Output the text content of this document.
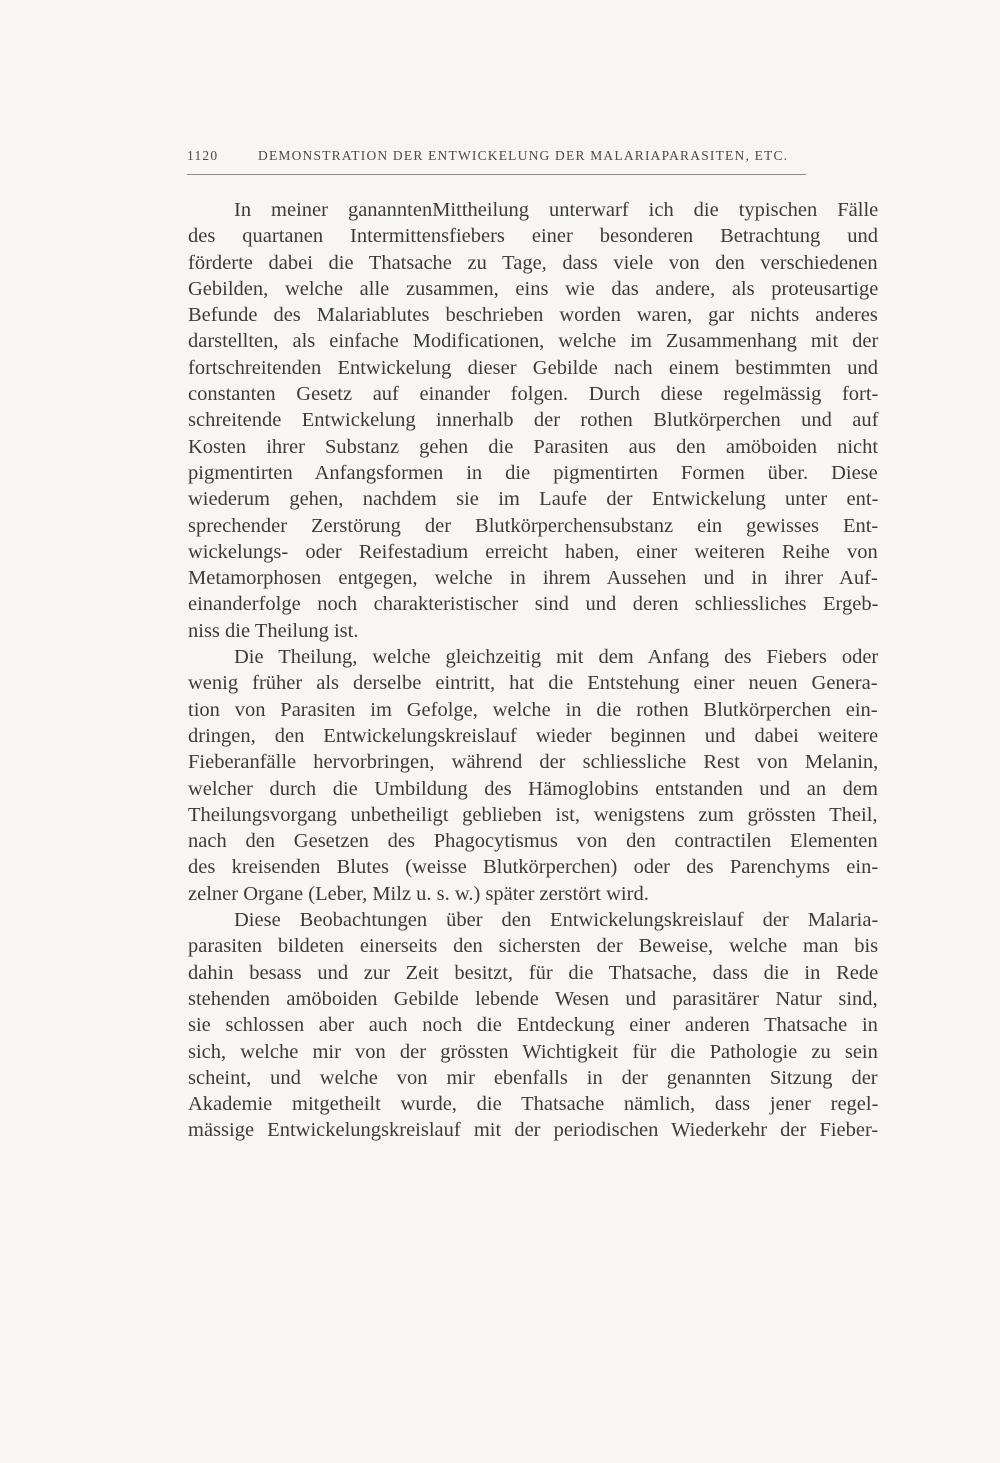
1120	DEMONSTRATION DER ENTWICKELUNG DER MALARIAPARASITEN, ETC.
In meiner gananntenMittheilung unterwarf ich die typischen Fälle
des quartanen Intermittensfiebers einer besonderen Betrachtung und
förderte dabei die Thatsache zu Tage, dass viele von den verschiedenen
Gebilden, welche alle zusammen, eins wie das andere, als proteusartige
Befunde des Malariablutes beschrieben worden waren, gar nichts anderes
darstellten, als einfache Modificationen, welche im Zusammenhang mit der
fortschreitenden Entwickelung dieser Gebilde nach einem bestimmten und
constanten Gesetz auf einander folgen. Durch diese regelmässig fort-
schreitende Entwickelung innerhalb der rothen Blutkörperchen und auf
Kosten ihrer Substanz gehen die Parasiten aus den amöboiden nicht
pigmentirten Anfangsformen in die pigmentirten Formen über. Diese
wiederum gehen, nachdem sie im Laufe der Entwickelung unter ent-
sprechender Zerstörung der Blutkörperchensubstanz ein gewisses Ent-
wickelungs- oder Reifestadium erreicht haben, einer weiteren Reihe von
Metamorphosen entgegen, welche in ihrem Aussehen und in ihrer Auf-
einanderfolge noch charakteristischer sind und deren schliessliches Ergeb-
niss die Theilung ist.
Die Theilung, welche gleichzeitig mit dem Anfang des Fiebers oder
wenig früher als derselbe eintritt, hat die Entstehung einer neuen Genera-
tion von Parasiten im Gefolge, welche in die rothen Blutkörperchen ein-
dringen, den Entwickelungskreislauf wieder beginnen und dabei weitere
Fieberanfälle hervorbringen, während der schliessliche Rest von Melanin,
welcher durch die Umbildung des Hämoglobins entstanden und an dem
Theilungsvorgang unbetheiligt geblieben ist, wenigstens zum grössten Theil,
nach den Gesetzen des Phagocytismus von den contractilen Elementen
des kreisenden Blutes (weisse Blutkörperchen) oder des Parenchyms ein-
zelner Organe (Leber, Milz u. s. w.) später zerstört wird.
Diese Beobachtungen über den Entwickelungskreislauf der Malaria-
parasiten bildeten einerseits den sichersten der Beweise, welche man bis
dahin besass und zur Zeit besitzt, für die Thatsache, dass die in Rede
stehenden amöboiden Gebilde lebende Wesen und parasitärer Natur sind,
sie schlossen aber auch noch die Entdeckung einer anderen Thatsache in
sich, welche mir von der grössten Wichtigkeit für die Pathologie zu sein
scheint, und welche von mir ebenfalls in der genannten Sitzung der
Akademie mitgetheilt wurde, die Thatsache nämlich, dass jener regel-
mässige Entwickelungskreislauf mit der periodischen Wiederkehr der Fieber-
